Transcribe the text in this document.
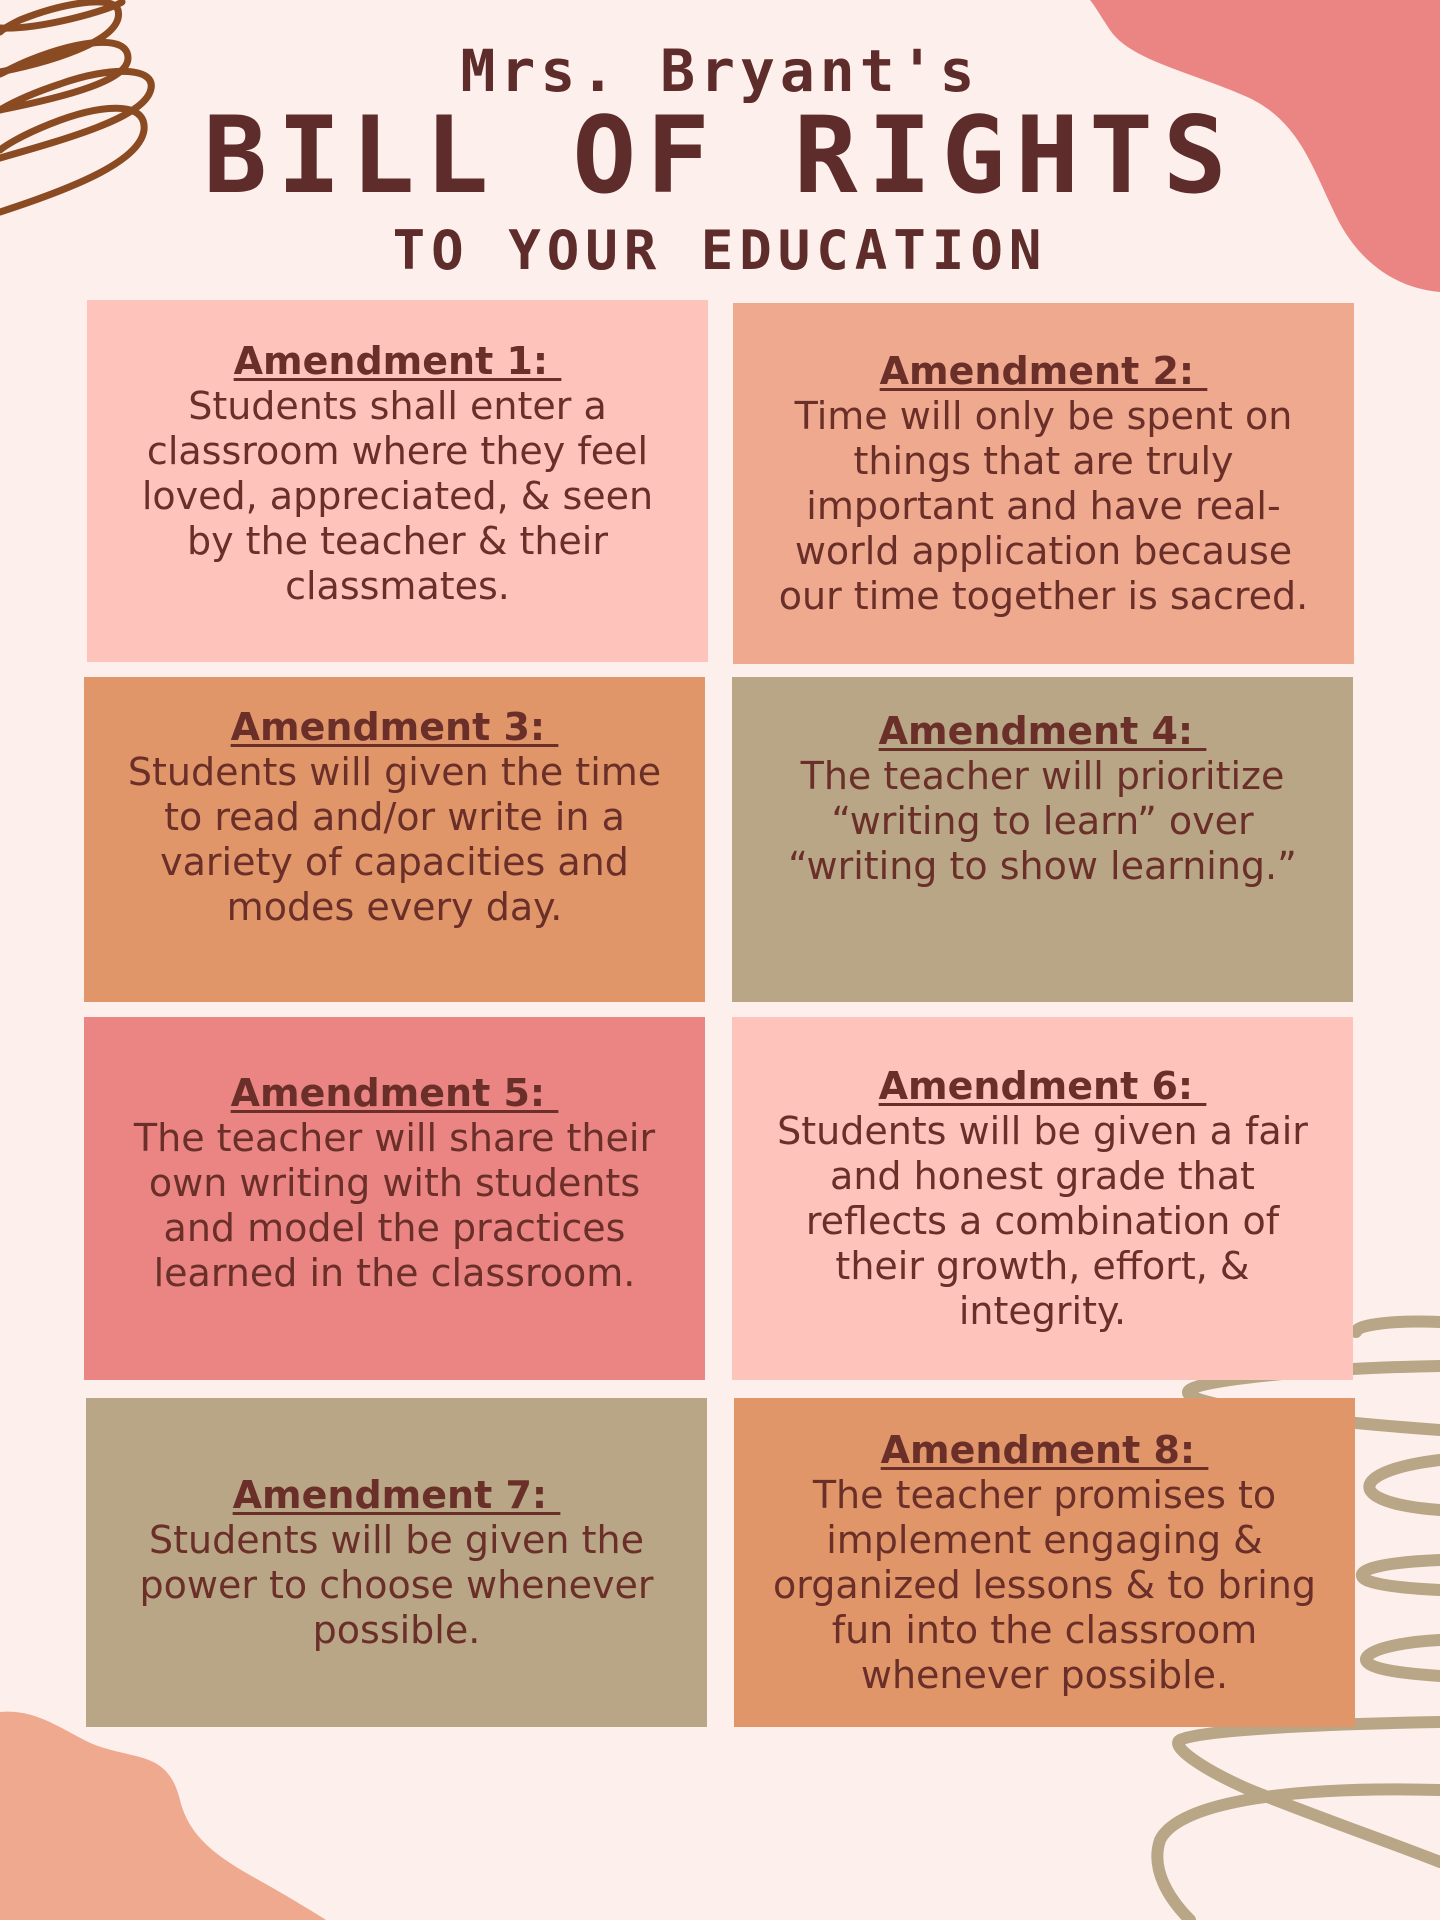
Mrs. Bryant's
BILL OF RIGHTS
TO YOUR EDUCATION
Amendment 1:
Students shall enter a
classroom where they feel
loved, appreciated, & seen
by the teacher & their
classmates.
Amendment 2:
Time will only be spent on
things that are truly
important and have real-
world application because
our time together is sacred.
Amendment 3:
Students will given the time
to read and/or write in a
variety of capacities and
modes every day.
Amendment 4:
The teacher will prioritize
“writing to learn” over
“writing to show learning.”
Amendment 5:
The teacher will share their
own writing with students
and model the practices
learned in the classroom.
Amendment 6:
Students will be given a fair
and honest grade that
reflects a combination of
their growth, effort, &
integrity.
Amendment 7:
Students will be given the
power to choose whenever
possible.
Amendment 8:
The teacher promises to
implement engaging &
organized lessons & to bring
fun into the classroom
whenever possible.
